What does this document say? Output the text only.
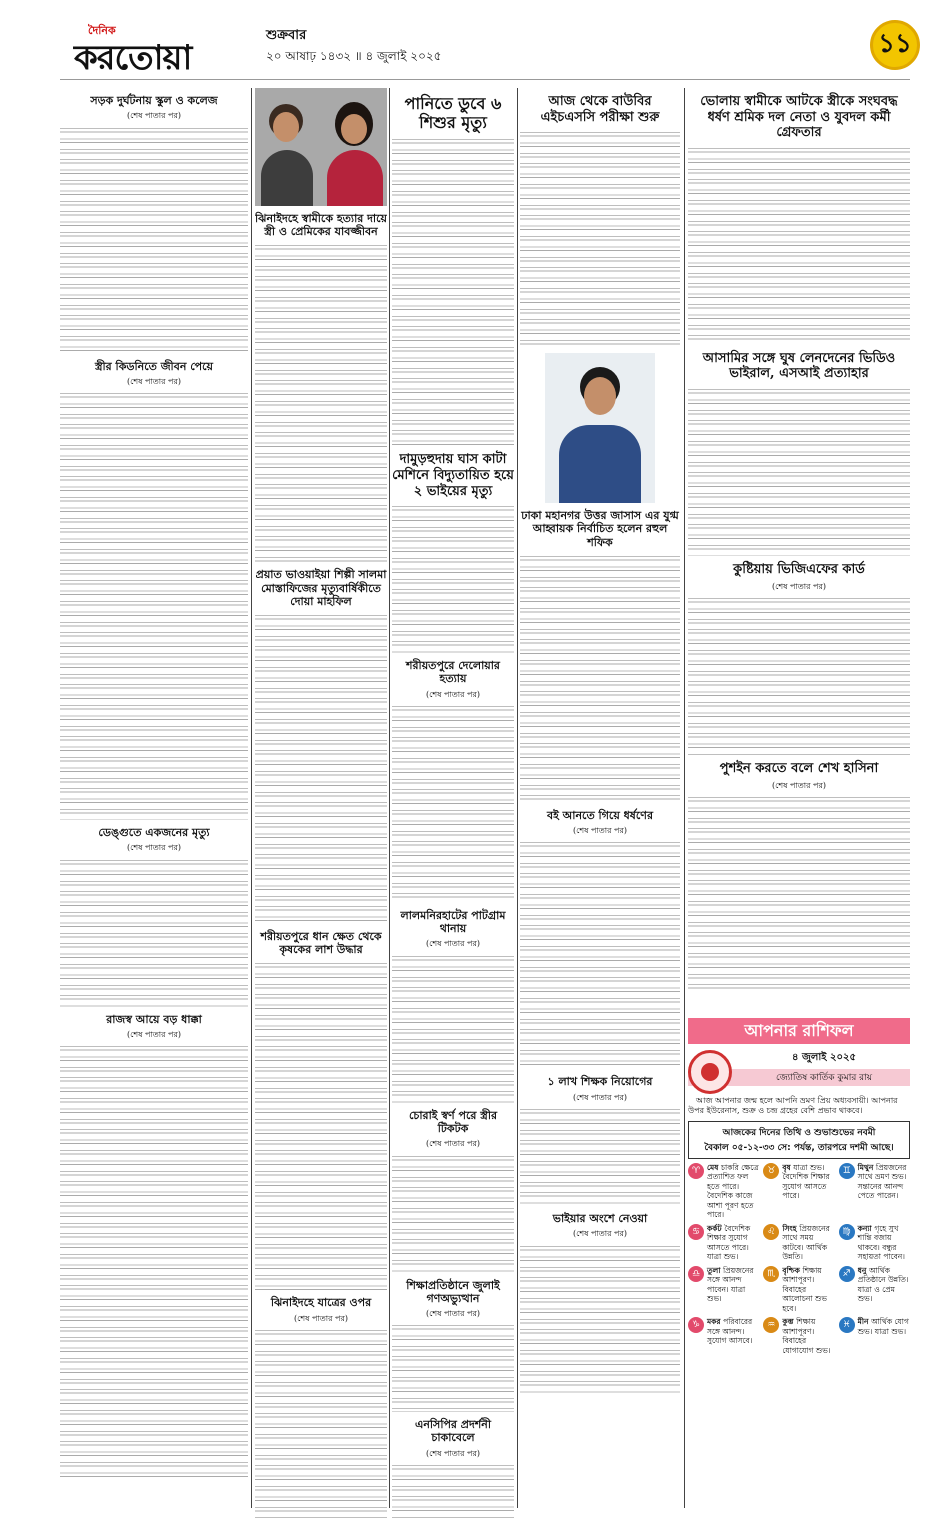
দৈনিক
করতোয়া
শুক্রবার
২০ আষাঢ় ১৪৩২ ॥ ৪ জুলাই ২০২৫	১১
সড়ক দুর্ঘটনায় স্কুল ও কলেজ
(শেষ পাতার পর)
স্ত্রীর কিডনিতে জীবন পেয়ে
(শেষ পাতার পর)
ডেঙ্গুতে একজনের মৃত্যু
(শেষ পাতার পর)
রাজস্ব আয়ে বড় ধাক্কা
(শেষ পাতার পর)
ঝিনাইদহে স্বামীকে হত্যার দায়ে স্ত্রী ও প্রেমিকের যাবজ্জীবন
প্রয়াত ভাওয়াইয়া শিল্পী সালমা মোস্তাফিজের মৃত্যুবার্ষিকীতে দোয়া মাহফিল
শরীয়তপুরে ধান ক্ষেত থেকে কৃষকের লাশ উদ্ধার
ঝিনাইদহে যাত্রের ওপর
(শেষ পাতার পর)
পানিতে ডুবে ৬ শিশুর মৃত্যু
দামুড়হুদায় ঘাস কাটা মেশিনে বিদ্যুতায়িত হয়ে ২ ভাইয়ের মৃত্যু
শরীয়তপুরে দেলোয়ার হত্যায়
(শেষ পাতার পর)
লালমনিরহাটের পাটগ্রাম থানায়
(শেষ পাতার পর)
চোরাই স্বর্ণ পরে স্ত্রীর টিকটক
(শেষ পাতার পর)
শিক্ষাপ্রতিষ্ঠানে জুলাই গণঅভ্যুত্থান
(শেষ পাতার পর)
এনসিপির প্রদর্শনী চাকাবেলে
(শেষ পাতার পর)
আজ থেকে বাউবির এইচএসসি পরীক্ষা শুরু
ঢাকা মহানগর উত্তর জাসাস এর যুগ্ম আহ্বায়ক নির্বাচিত হলেন রহুল শফিক
বই আনতে গিয়ে ধর্ষণের
(শেষ পাতার পর)
১ লাখ শিক্ষক নিয়োগের
(শেষ পাতার পর)
ভাইয়ার অংশে নেওয়া
(শেষ পাতার পর)
ভোলায় স্বামীকে আটকে স্ত্রীকে সংঘবদ্ধ ধর্ষণ শ্রমিক দল নেতা ও যুবদল কর্মী গ্রেফতার
আসামির সঙ্গে ঘুষ লেনদেনের ভিডিও ভাইরাল, এসআই প্রত্যাহার
কুষ্টিয়ায় ভিজিএফের কার্ড
(শেষ পাতার পর)
পুশইন করতে বলে শেখ হাসিনা
(শেষ পাতার পর)
আপনার রাশিফল
৪ জুলাই ২০২৫
জ্যোতিষ কার্তিক কুমার রায়
আজ আপনার জন্ম হলে আপনি ভ্রমণ প্রিয় অধ্যবসায়ী। আপনার উপর ইউরেনাস, শুক্র ও চন্দ্র গ্রহের বেশি প্রভাব থাকবে।
আজকের দিনের তিথি ও শুভাশুভের নবমী
বৈকাল ০৫-১২-৩৩ সে: পর্যন্ত, তারপরে দশমী আছে।
♈ মেষ চাকরি ক্ষেত্রে প্রত্যাশিত ফল হতে পারে। বৈদেশিক কাজে আশা পূরণ হতে পারে।
♉ বৃষ যাত্রা শুভ। বৈদেশিক শিক্ষার সুযোগ আসতে পারে।
♊ মিথুন প্রিয়জনের সাথে ভ্রমণ শুভ। সন্তানের আনন্দ পেতে পারেন।
♋ কর্কট বৈদেশিক শিক্ষার সুযোগ আসতে পারে। যাত্রা শুভ।
♌ সিংহ প্রিয়জনের সাথে সময় কাটবে। আর্থিক উন্নতি।
♍ কন্যা গৃহে সুখ শান্তি বজায় থাকবে। বন্ধুর সহায়তা পাবেন।
♎ তুলা প্রিয়জনের সঙ্গে আনন্দ পাবেন। যাত্রা শুভ।
♏ বৃশ্চিক শিক্ষায় আশাপূরণ। বিবাহের আলোচনা শুভ হবে।
♐ ধনু আর্থিক প্রতিষ্ঠানে উন্নতি। যাত্রা ও প্রেম শুভ।
♑ মকর পরিবারের সঙ্গে আনন্দ। সুযোগ আসবে।
♒ কুম্ভ শিক্ষায় আশাপূরণ। বিবাহের যোগাযোগ শুভ।
♓ মীন আর্থিক যোগ শুভ। যাত্রা শুভ।
